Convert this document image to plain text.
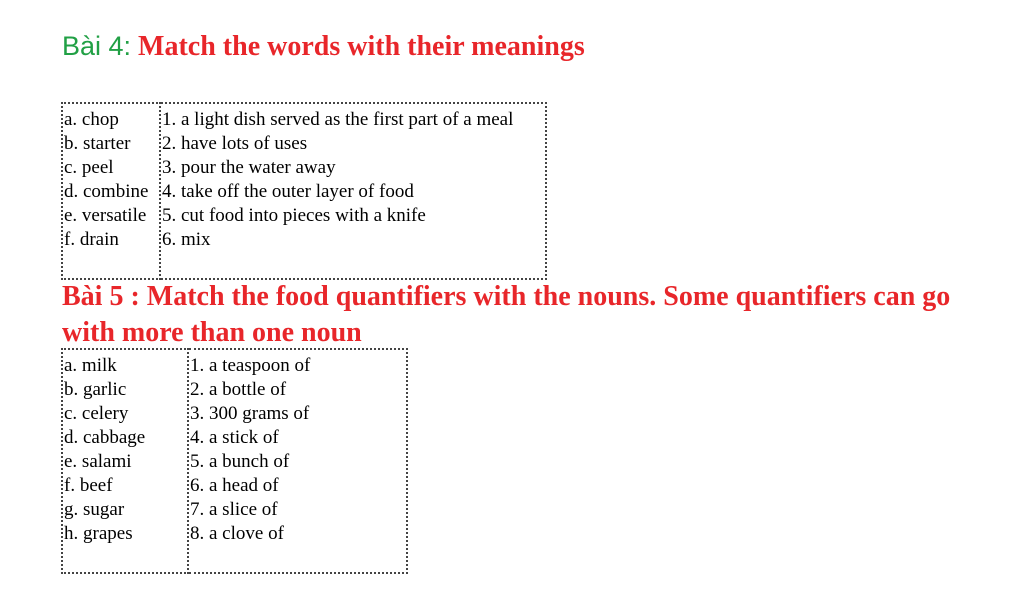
Bài 4: Match the words with their meanings
a. chop
b. starter
c. peel
d. combine
e. versatile
f. drain

1. a light dish served as the first part of a meal
2. have lots of uses
3. pour the water away
4. take off the outer layer of food
5. cut food into pieces with a knife
6. mix

Bài 5 : Match the food quantifiers with the nouns. Some quantifiers can go with more than one noun

a. milk
b. garlic
c. celery
d. cabbage
e. salami
f. beef
g. sugar
h. grapes

1. a teaspoon of
2. a bottle of
3. 300 grams of
4. a stick of
5. a bunch of
6. a head of
7. a slice of
8. a clove of
